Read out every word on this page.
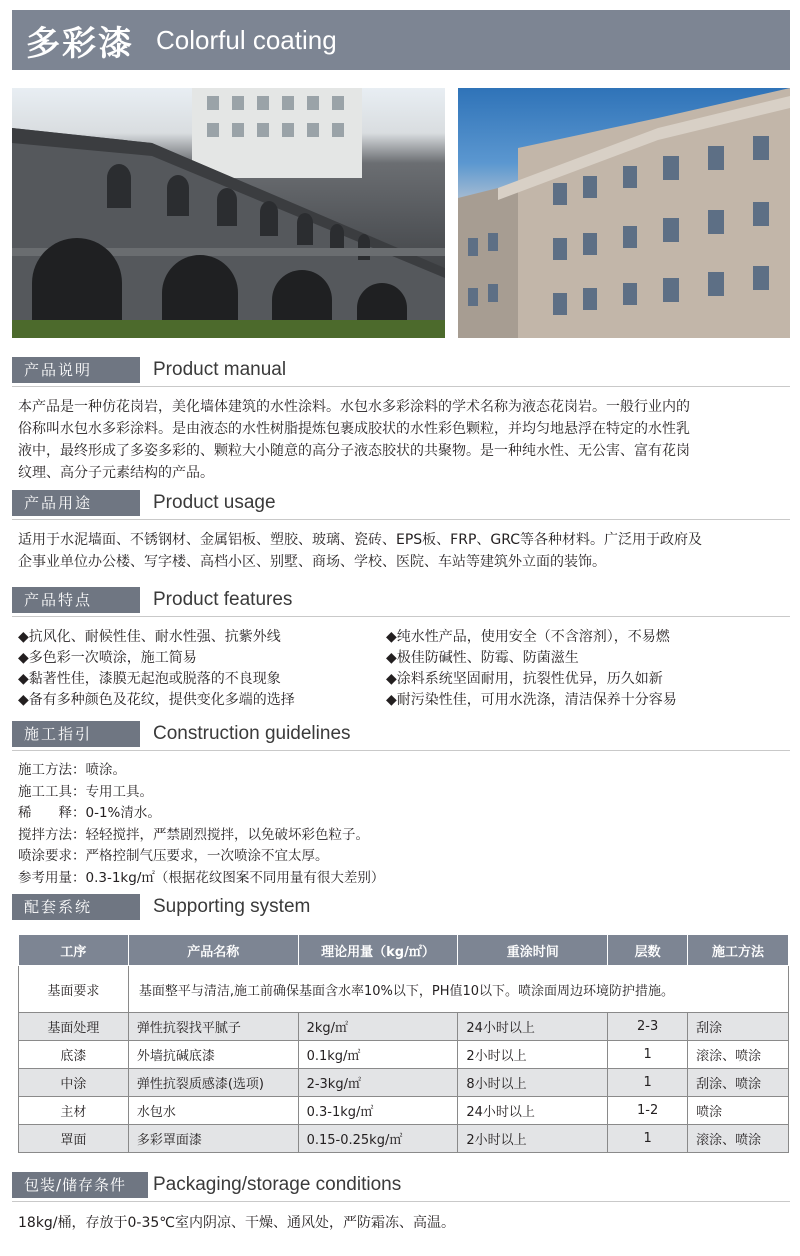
多彩漆 Colorful coating
产品说明	Product manual

本产品是一种仿花岗岩，美化墙体建筑的水性涂料。水包水多彩涂料的学术名称为液态花岗岩。一般行业内的

俗称叫水包水多彩涂料。是由液态的水性树脂提炼包裹成胶状的水性彩色颗粒，并均匀地悬浮在特定的水性乳

液中，最终形成了多姿多彩的、颗粒大小随意的高分子液态胶状的共聚物。是一种纯水性、无公害、富有花岗

纹理、高分子元素结构的产品。

产品用途	Product usage

适用于水泥墙面、不锈钢材、金属铝板、塑胶、玻璃、瓷砖、EPS板、FRP、GRC等各种材料。广泛用于政府及

企事业单位办公楼、写字楼、高档小区、别墅、商场、学校、医院、车站等建筑外立面的装饰。

产品特点	Product features
◆抗风化、耐候性佳、耐水性强、抗紫外线	◆纯水性产品，使用安全（不含溶剂），不易燃
◆多色彩一次喷涂，施工简易	◆极佳防碱性、防霉、防菌滋生
◆黏著性佳，漆膜无起泡或脱落的不良现象	◆涂料系统坚固耐用，抗裂性优异，历久如新
◆备有多种颜色及花纹，提供变化多端的选择	◆耐污染性佳，可用水洗涤，清洁保养十分容易
施工指引	Construction guidelines
施工方法：喷涂。
施工工具：专用工具。
稀　　释：0-1%清水。
搅拌方法：轻轻搅拌，严禁剧烈搅拌，以免破坏彩色粒子。
喷涂要求：严格控制气压要求，一次喷涂不宜太厚。
参考用量：0.3-1kg/㎡（根据花纹图案不同用量有很大差别）
配套系统	Supporting system
工序	产品名称	理论用量（kg/㎡）	重涂时间	层数	施工方法
基面要求	基面整平与清洁,施工前确保基面含水率10%以下，PH值10以下。喷涂面周边环境防护措施。				
基面处理	弹性抗裂找平腻子	2kg/㎡	24小时以上	2-3	刮涂
底漆	外墙抗碱底漆	0.1kg/㎡	2小时以上	1	滚涂、喷涂
中涂	弹性抗裂质感漆(选项)	2-3kg/㎡	8小时以上	1	刮涂、喷涂
主材	水包水	0.3-1kg/㎡	24小时以上	1-2	喷涂
罩面	多彩罩面漆	0.15-0.25kg/㎡	2小时以上	1	滚涂、喷涂
包装/储存条件	Packaging/storage conditions
18kg/桶，存放于0-35℃室内阴凉、干燥、通风处，严防霜冻、高温。
